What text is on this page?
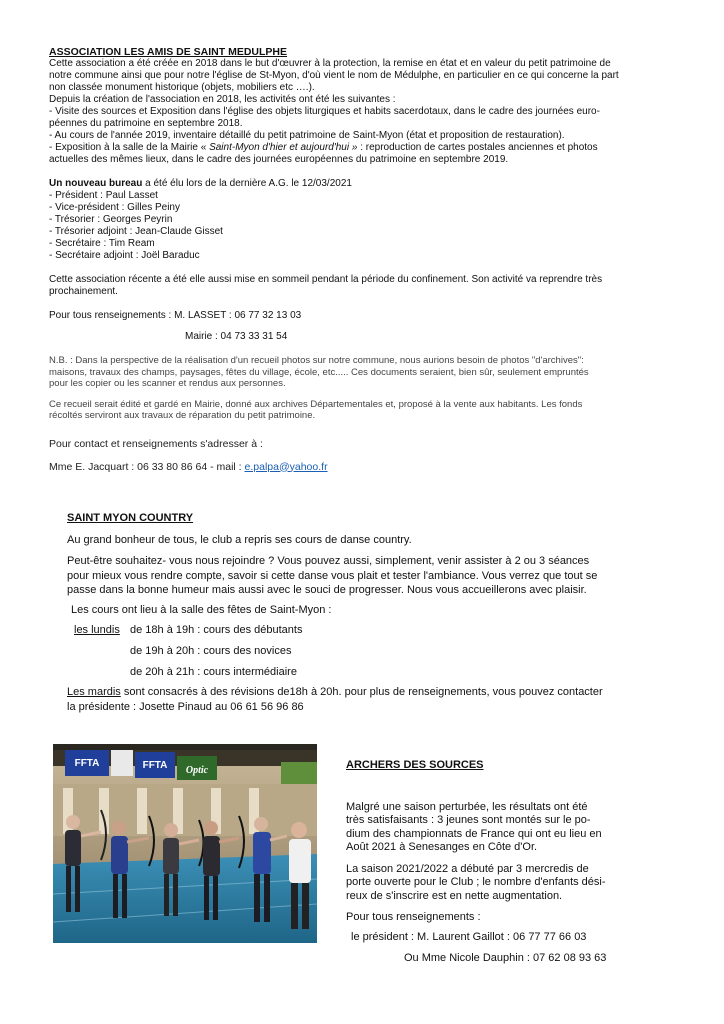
ASSOCIATION LES AMIS DE SAINT MEDULPHE

Cette association a été créée en 2018 dans le but d'œuvrer à la protection, la remise en état et en valeur du petit patrimoine de

notre commune ainsi que pour notre l'église de St-Myon, d'où vient le nom de Médulphe, en particulier en ce qui concerne la part

non classée monument historique (objets, mobiliers etc ….).

Depuis la création de l'association en 2018, les activités ont été les suivantes :

- Visite des sources et Exposition dans l'église des objets liturgiques et habits sacerdotaux, dans le cadre des journées euro-

péennes du patrimoine en septembre 2018.

- Au cours de l'année 2019, inventaire détaillé du petit patrimoine de Saint-Myon (état et proposition de restauration).

- Exposition à la salle de la Mairie « Saint-Myon d'hier et aujourd'hui » : reproduction de cartes postales anciennes et photos

actuelles des mêmes lieux, dans le cadre des journées européennes du patrimoine en septembre 2019.

Un nouveau bureau a été élu lors de la dernière A.G. le 12/03/2021

- Président : Paul Lasset

- Vice-président : Gilles Peiny

- Trésorier : Georges Peyrin

- Trésorier adjoint : Jean-Claude Gisset

- Secrétaire : Tim Ream

- Secrétaire adjoint : Joël Baraduc

Cette association récente a été elle aussi mise en sommeil pendant la période du confinement. Son activité va reprendre très

prochainement.

Pour tous renseignements : M. LASSET : 06 77 32 13 03

Mairie : 04 73 33 31 54

N.B. : Dans la perspective de la réalisation d'un recueil photos sur notre commune, nous aurions besoin de photos "d'archives":

maisons, travaux des champs, paysages, fêtes du village, école, etc..... Ces documents seraient, bien sûr, seulement empruntés

pour les copier ou les scanner et rendus aux personnes.

Ce recueil serait édité et gardé en Mairie, donné aux archives Départementales et, proposé à la vente aux habitants. Les fonds

récoltés serviront aux travaux de réparation du petit patrimoine.

Pour contact et renseignements s'adresser à :

Mme E. Jacquart : 06 33 80 86 64 - mail : e.palpa@yahoo.fr

SAINT MYON COUNTRY

Au grand bonheur de tous, le club a repris ses cours de danse country.

Peut-être souhaitez- vous nous rejoindre ? Vous pouvez aussi, simplement, venir assister à 2 ou 3 séances

pour mieux vous rendre compte, savoir si cette danse vous plait et tester l'ambiance. Vous verrez que tout se

passe dans la bonne humeur mais aussi avec le souci de progresser. Nous vous accueillerons avec plaisir.

Les cours ont lieu à la salle des fêtes de Saint-Myon :

les lundis de 18h à 19h : cours des débutants

de 19h à 20h : cours des novices

de 20h à 21h : cours intermédiaire

Les mardis sont consacrés à des révisions de18h à 20h. pour plus de renseignements, vous pouvez contacter

la présidente : Josette Pinaud au 06 61 56 96 86

FFTA	FFTA Optic	ARCHERS DES SOURCES

Malgré une saison perturbée, les résultats ont été

très satisfaisants : 3 jeunes sont montés sur le po-

dium des championnats de France qui ont eu lieu en

Août 2021 à Senesanges en Côte d'Or.

La saison 2021/2022 a débuté par 3 mercredis de

porte ouverte pour le Club ; le nombre d'enfants dési-

reux de s'inscrire est en nette augmentation.

Pour tous renseignements :

le président : M. Laurent Gaillot : 06 77 77 66 03

Ou Mme Nicole Dauphin : 07 62 08 93 63
